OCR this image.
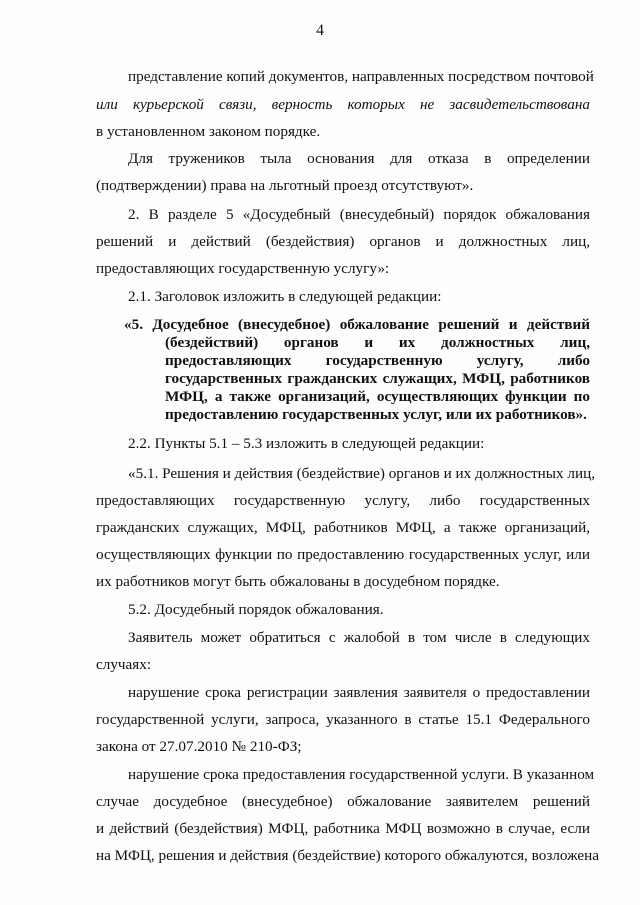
4
представление копий документов, направленных посредством почтовой
или курьерской связи, верность которых не засвидетельствована
в установленном законом порядке.
Для тружеников тыла основания для отказа в определении
(подтверждении) права на льготный проезд отсутствуют».
2. В разделе 5 «Досудебный (внесудебный) порядок обжалования
решений и действий (бездействия) органов и должностных лиц,
предоставляющих государственную услугу»:
2.1. Заголовок изложить в следующей редакции:
«5. Досудебное (внесудебное) обжалование решений и действий
(бездействий) органов и их должностных лиц,
предоставляющих государственную услугу, либо
государственных гражданских служащих, МФЦ, работников
МФЦ, а также организаций, осуществляющих функции по
предоставлению государственных услуг, или их работников».
2.2. Пункты 5.1 – 5.3 изложить в следующей редакции:
«5.1. Решения и действия (бездействие) органов и их должностных лиц,
предоставляющих государственную услугу, либо государственных
гражданских служащих, МФЦ, работников МФЦ, а также организаций,
осуществляющих функции по предоставлению государственных услуг, или
их работников могут быть обжалованы в досудебном порядке.
5.2. Досудебный порядок обжалования.
Заявитель может обратиться с жалобой в том числе в следующих
случаях:
нарушение срока регистрации заявления заявителя о предоставлении
государственной услуги, запроса, указанного в статье 15.1 Федерального
закона от 27.07.2010 № 210-ФЗ;
нарушение срока предоставления государственной услуги. В указанном
случае досудебное (внесудебное) обжалование заявителем решений
и действий (бездействия) МФЦ, работника МФЦ возможно в случае, если
на МФЦ, решения и действия (бездействие) которого обжалуются, возложена
